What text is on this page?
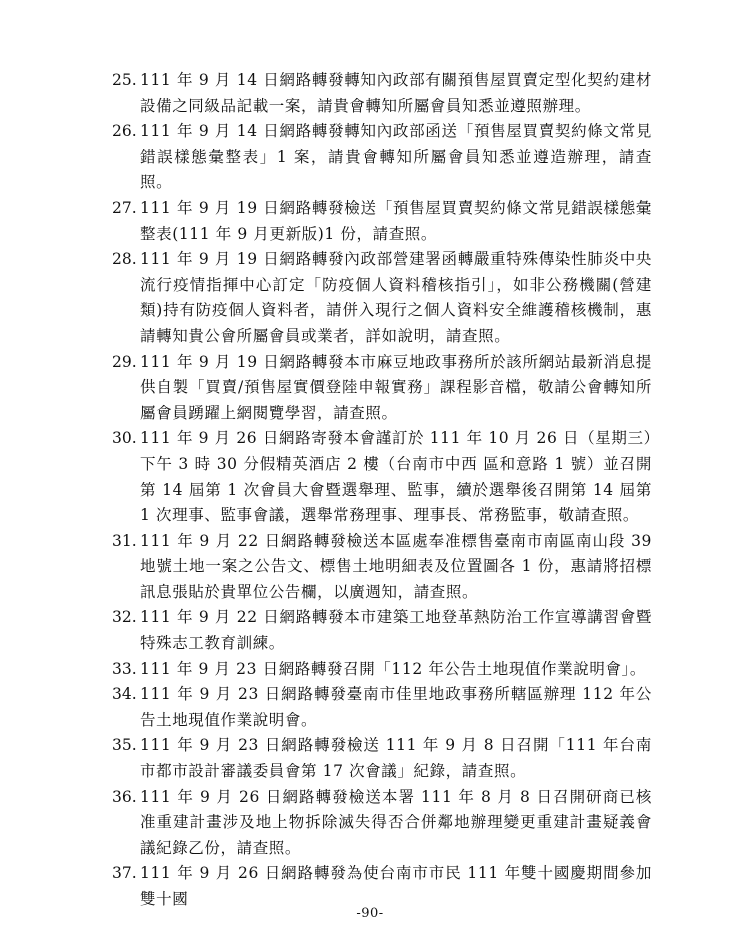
25. 111 年 9 月 14 日網路轉發轉知內政部有關預售屋買賣定型化契約建材設備之同級品記載一案，請貴會轉知所屬會員知悉並遵照辦理。
26. 111 年 9 月 14 日網路轉發轉知內政部函送「預售屋買賣契約條文常見錯誤樣態彙整表」1 案，請貴會轉知所屬會員知悉並遵造辦理，請查照。
27. 111 年 9 月 19 日網路轉發檢送「預售屋買賣契約條文常見錯誤樣態彙整表(111 年 9 月更新版)1 份，請查照。
28. 111 年 9 月 19 日網路轉發內政部營建署函轉嚴重特殊傳染性肺炎中央流行疫情指揮中心訂定「防疫個人資料稽核指引」，如非公務機關(營建類)持有防疫個人資料者，請併入現行之個人資料安全維護稽核機制，惠請轉知貴公會所屬會員或業者，詳如說明，請查照。
29. 111 年 9 月 19 日網路轉發本市麻豆地政事務所於該所網站最新消息提供自製「買賣/預售屋實價登陸申報實務」課程影音檔，敬請公會轉知所屬會員踴躍上網閱覽學習，請查照。
30. 111 年 9 月 26 日網路寄發本會謹訂於 111 年 10 月 26 日（星期三）下午 3 時 30 分假精英酒店 2 樓（台南市中西 區和意路 1 號）並召開第 14 屆第 1 次會員大會暨選舉理、監事，續於選舉後召開第 14 屆第 1 次理事、監事會議，選舉常務理事、理事長、常務監事，敬請查照。
31. 111 年 9 月 22 日網路轉發檢送本區處奉准標售臺南市南區南山段 39 地號土地一案之公告文、標售土地明細表及位置圖各 1 份，惠請將招標訊息張貼於貴單位公告欄，以廣週知，請查照。
32. 111 年 9 月 22 日網路轉發本市建築工地登革熱防治工作宣導講習會暨特殊志工教育訓練。
33. 111 年 9 月 23 日網路轉發召開「112 年公告土地現值作業說明會」。
34. 111 年 9 月 23 日網路轉發臺南市佳里地政事務所轄區辦理 112 年公告土地現值作業說明會。
35. 111 年 9 月 23 日網路轉發檢送 111 年 9 月 8 日召開「111 年台南市都市設計審議委員會第 17 次會議」紀錄，請查照。
36. 111 年 9 月 26 日網路轉發檢送本署 111 年 8 月 8 日召開研商已核准重建計畫涉及地上物拆除滅失得否合併鄰地辦理變更重建計畫疑義會議紀錄乙份，請查照。
37. 111 年 9 月 26 日網路轉發為使台南市市民 111 年雙十國慶期間參加雙十國
-90-
